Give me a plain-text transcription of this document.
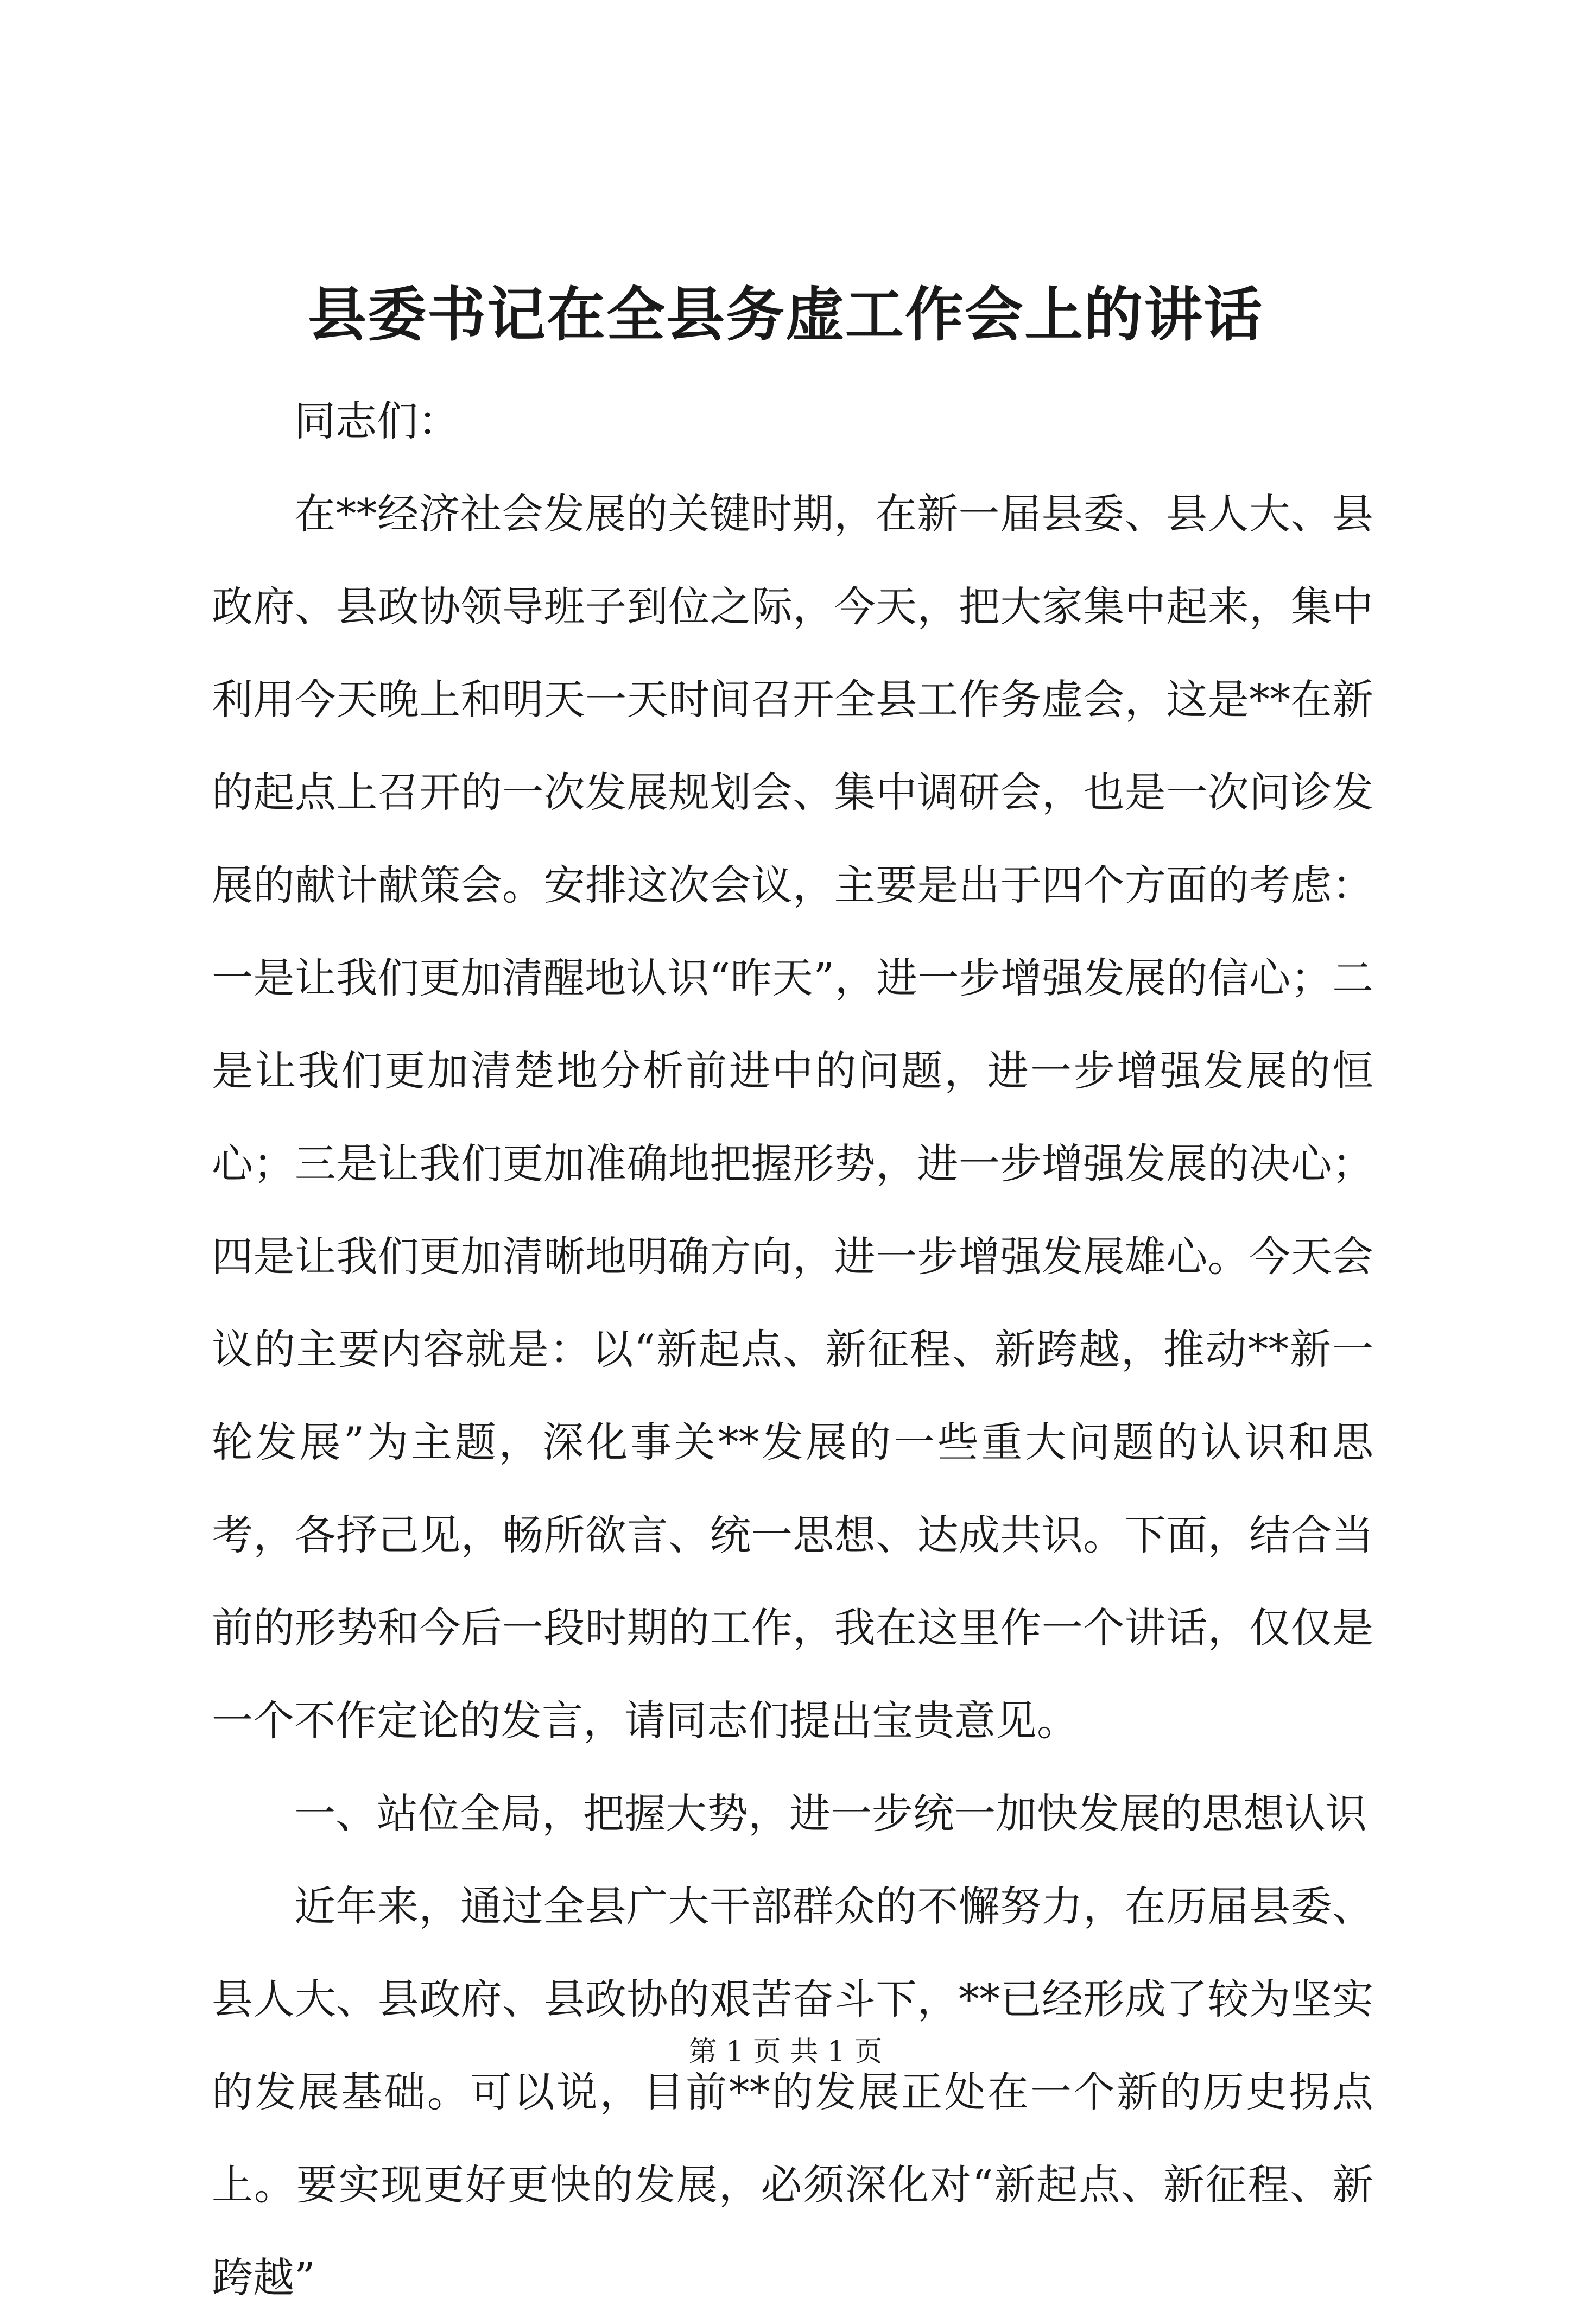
县委书记在全县务虚工作会上的讲话

同志们：

在**经济社会发展的关键时期，在新一届县委、县人大、县政府、县政协领导班子到位之际，今天，把大家集中起来，集中利用今天晚上和明天一天时间召开全县工作务虚会，这是**在新的起点上召开的一次发展规划会、集中调研会，也是一次问诊发展的献计献策会。安排这次会议，主要是出于四个方面的考虑：一是让我们更加清醒地认识“昨天”，进一步增强发展的信心；二是让我们更加清楚地分析前进中的问题，进一步增强发展的恒心；三是让我们更加准确地把握形势，进一步增强发展的决心；四是让我们更加清晰地明确方向，进一步增强发展雄心。今天会议的主要内容就是：以“新起点、新征程、新跨越，推动**新一轮发展”为主题，深化事关**发展的一些重大问题的认识和思考，各抒己见，畅所欲言、统一思想、达成共识。下面，结合当前的形势和今后一段时期的工作，我在这里作一个讲话，仅仅是一个不作定论的发言，请同志们提出宝贵意见。

一、站位全局，把握大势，进一步统一加快发展的思想认识

近年来，通过全县广大干部群众的不懈努力，在历届县委、县人大、县政府、县政协的艰苦奋斗下，**已经形成了较为坚实的发展基础。可以说，目前**的发展正处在一个新的历史拐点上。要实现更好更快的发展，必须深化对“新起点、新征程、新跨越”

第 1 页 共 1 页
